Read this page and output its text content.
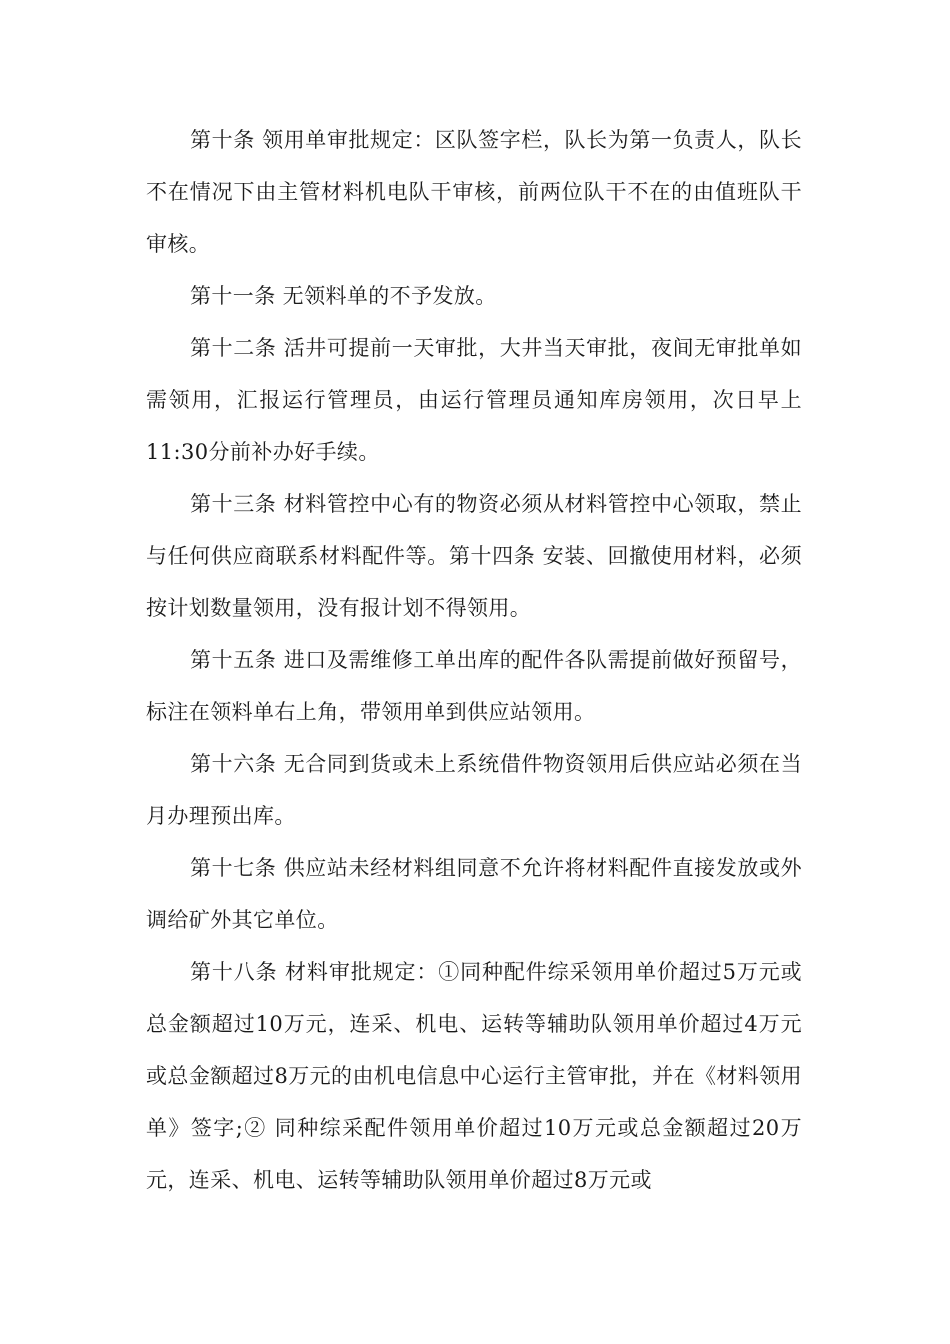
第十条 领用单审批规定：区队签字栏，队长为第一负责人，队长不在情况下由主管材料机电队干审核，前两位队干不在的由值班队干审核。

第十一条 无领料单的不予发放。

第十二条 活井可提前一天审批，大井当天审批，夜间无审批单如需领用，汇报运行管理员，由运行管理员通知库房领用，次日早上11:30分前补办好手续。

第十三条 材料管控中心有的物资必须从材料管控中心领取，禁止与任何供应商联系材料配件等。第十四条 安装、回撤使用材料，必须按计划数量领用，没有报计划不得领用。

第十五条 进口及需维修工单出库的配件各队需提前做好预留号，标注在领料单右上角，带领用单到供应站领用。

第十六条 无合同到货或未上系统借件物资领用后供应站必须在当月办理预出库。

第十七条 供应站未经材料组同意不允许将材料配件直接发放或外调给矿外其它单位。

第十八条 材料审批规定：①同种配件综采领用单价超过5万元或总金额超过10万元，连采、机电、运转等辅助队领用单价超过4万元或总金额超过8万元的由机电信息中心运行主管审批，并在《材料领用单》签字;② 同种综采配件领用单价超过10万元或总金额超过20万元，连采、机电、运转等辅助队领用单价超过8万元或
